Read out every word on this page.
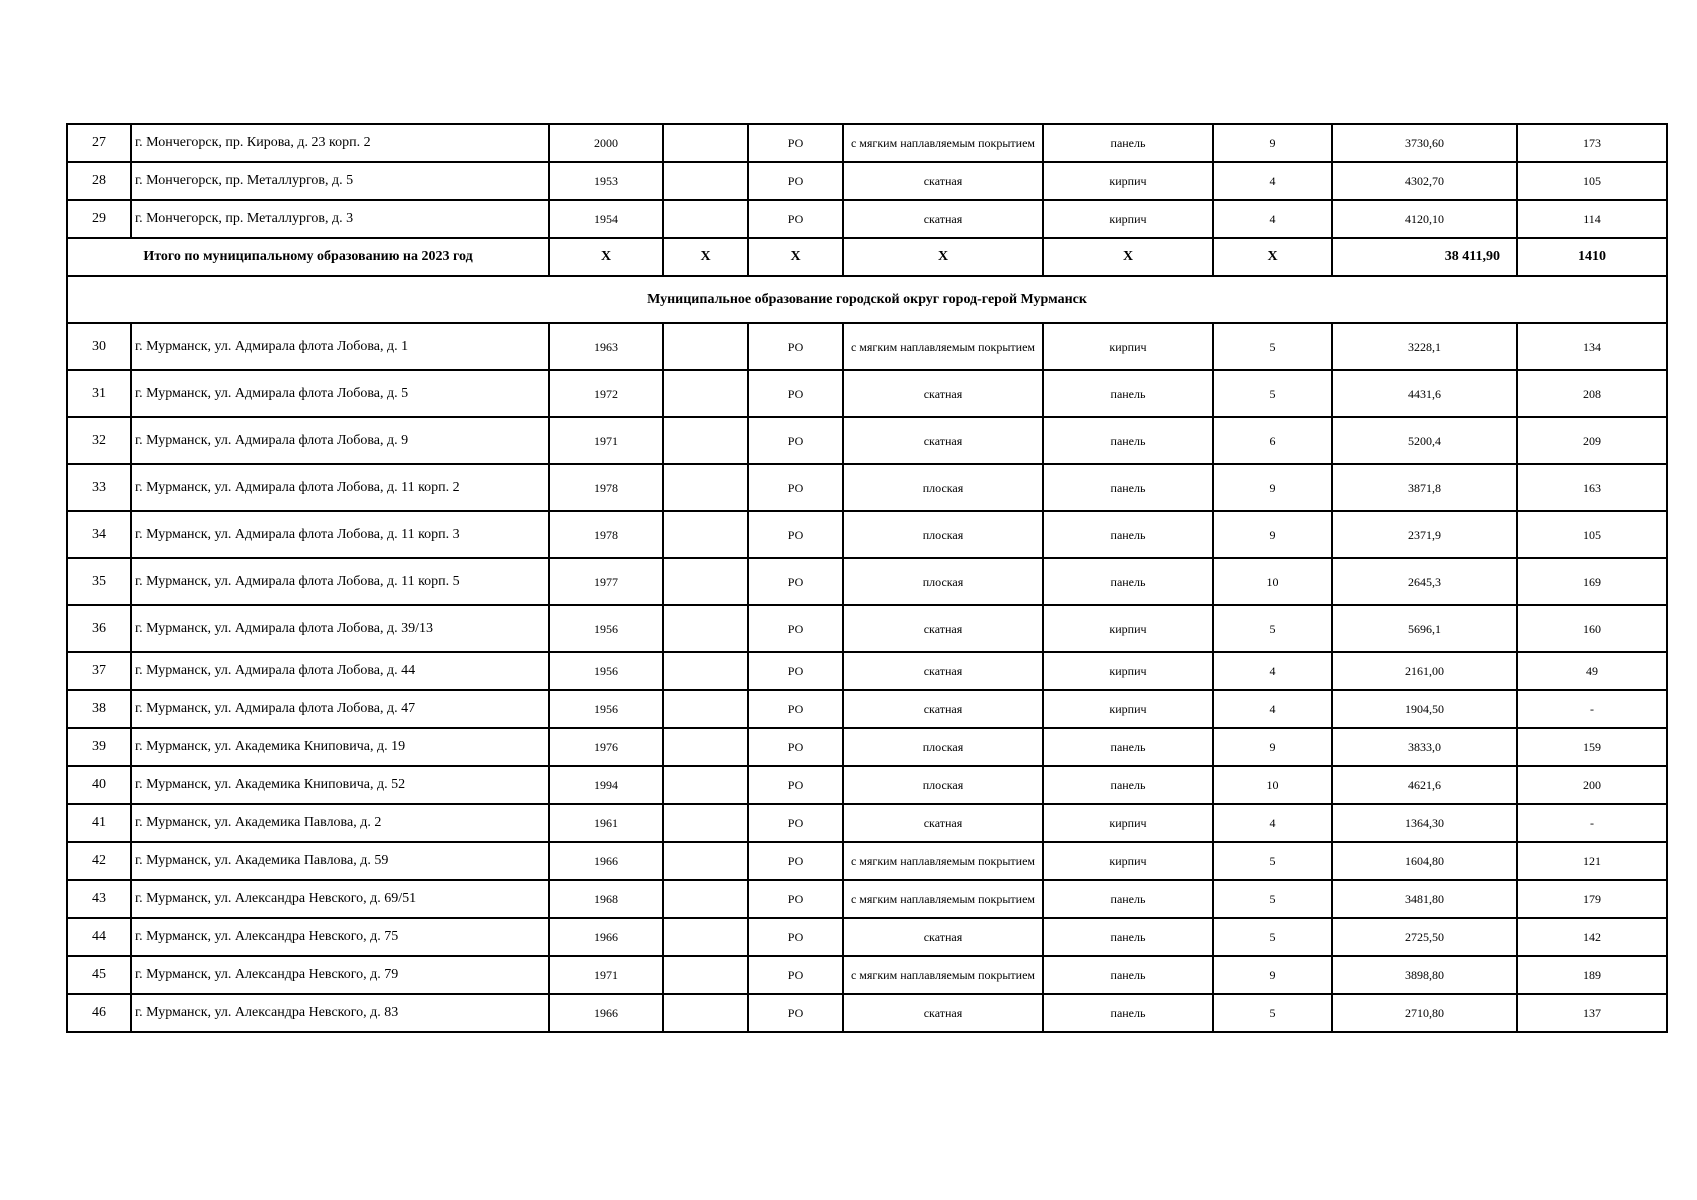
27	г. Мончегорск, пр. Кирова, д. 23 корп. 2	2000		РО	с мягким наплавляемым покрытием	панель	9	3730,60	173
28	г. Мончегорск, пр. Металлургов, д. 5	1953		РО	скатная	кирпич	4	4302,70	105
29	г. Мончегорск, пр. Металлургов, д. 3	1954		РО	скатная	кирпич	4	4120,10	114
Итого по муниципальному образованию на 2023 год		Х	Х	Х	Х	Х	Х	38 411,90	1410
Муниципальное образование городской округ город-герой Мурманск									
30	г. Мурманск, ул. Адмирала флота Лобова, д. 1	1963		РО	с мягким наплавляемым покрытием	кирпич	5	3228,1	134
31	г. Мурманск, ул. Адмирала флота Лобова, д. 5	1972		РО	скатная	панель	5	4431,6	208
32	г. Мурманск, ул. Адмирала флота Лобова, д. 9	1971		РО	скатная	панель	6	5200,4	209
33	г. Мурманск, ул. Адмирала флота Лобова, д. 11 корп. 2	1978		РО	плоская	панель	9	3871,8	163
34	г. Мурманск, ул. Адмирала флота Лобова, д. 11 корп. 3	1978		РО	плоская	панель	9	2371,9	105
35	г. Мурманск, ул. Адмирала флота Лобова, д. 11 корп. 5	1977		РО	плоская	панель	10	2645,3	169
36	г. Мурманск, ул. Адмирала флота Лобова, д. 39/13	1956		РО	скатная	кирпич	5	5696,1	160
37	г. Мурманск, ул. Адмирала флота Лобова, д. 44	1956		РО	скатная	кирпич	4	2161,00	49
38	г. Мурманск, ул. Адмирала флота Лобова, д. 47	1956		РО	скатная	кирпич	4	1904,50	-
39	г. Мурманск, ул. Академика Книповича, д. 19	1976		РО	плоская	панель	9	3833,0	159
40	г. Мурманск, ул. Академика Книповича, д. 52	1994		РО	плоская	панель	10	4621,6	200
41	г. Мурманск, ул. Академика Павлова, д. 2	1961		РО	скатная	кирпич	4	1364,30	-
42	г. Мурманск, ул. Академика Павлова, д. 59	1966		РО	с мягким наплавляемым покрытием	кирпич	5	1604,80	121
43	г. Мурманск, ул. Александра Невского, д. 69/51	1968		РО	с мягким наплавляемым покрытием	панель	5	3481,80	179
44	г. Мурманск, ул. Александра Невского, д. 75	1966		РО	скатная	панель	5	2725,50	142
45	г. Мурманск, ул. Александра Невского, д. 79	1971		РО	с мягким наплавляемым покрытием	панель	9	3898,80	189
46	г. Мурманск, ул. Александра Невского, д. 83	1966		РО	скатная	панель	5	2710,80	137
